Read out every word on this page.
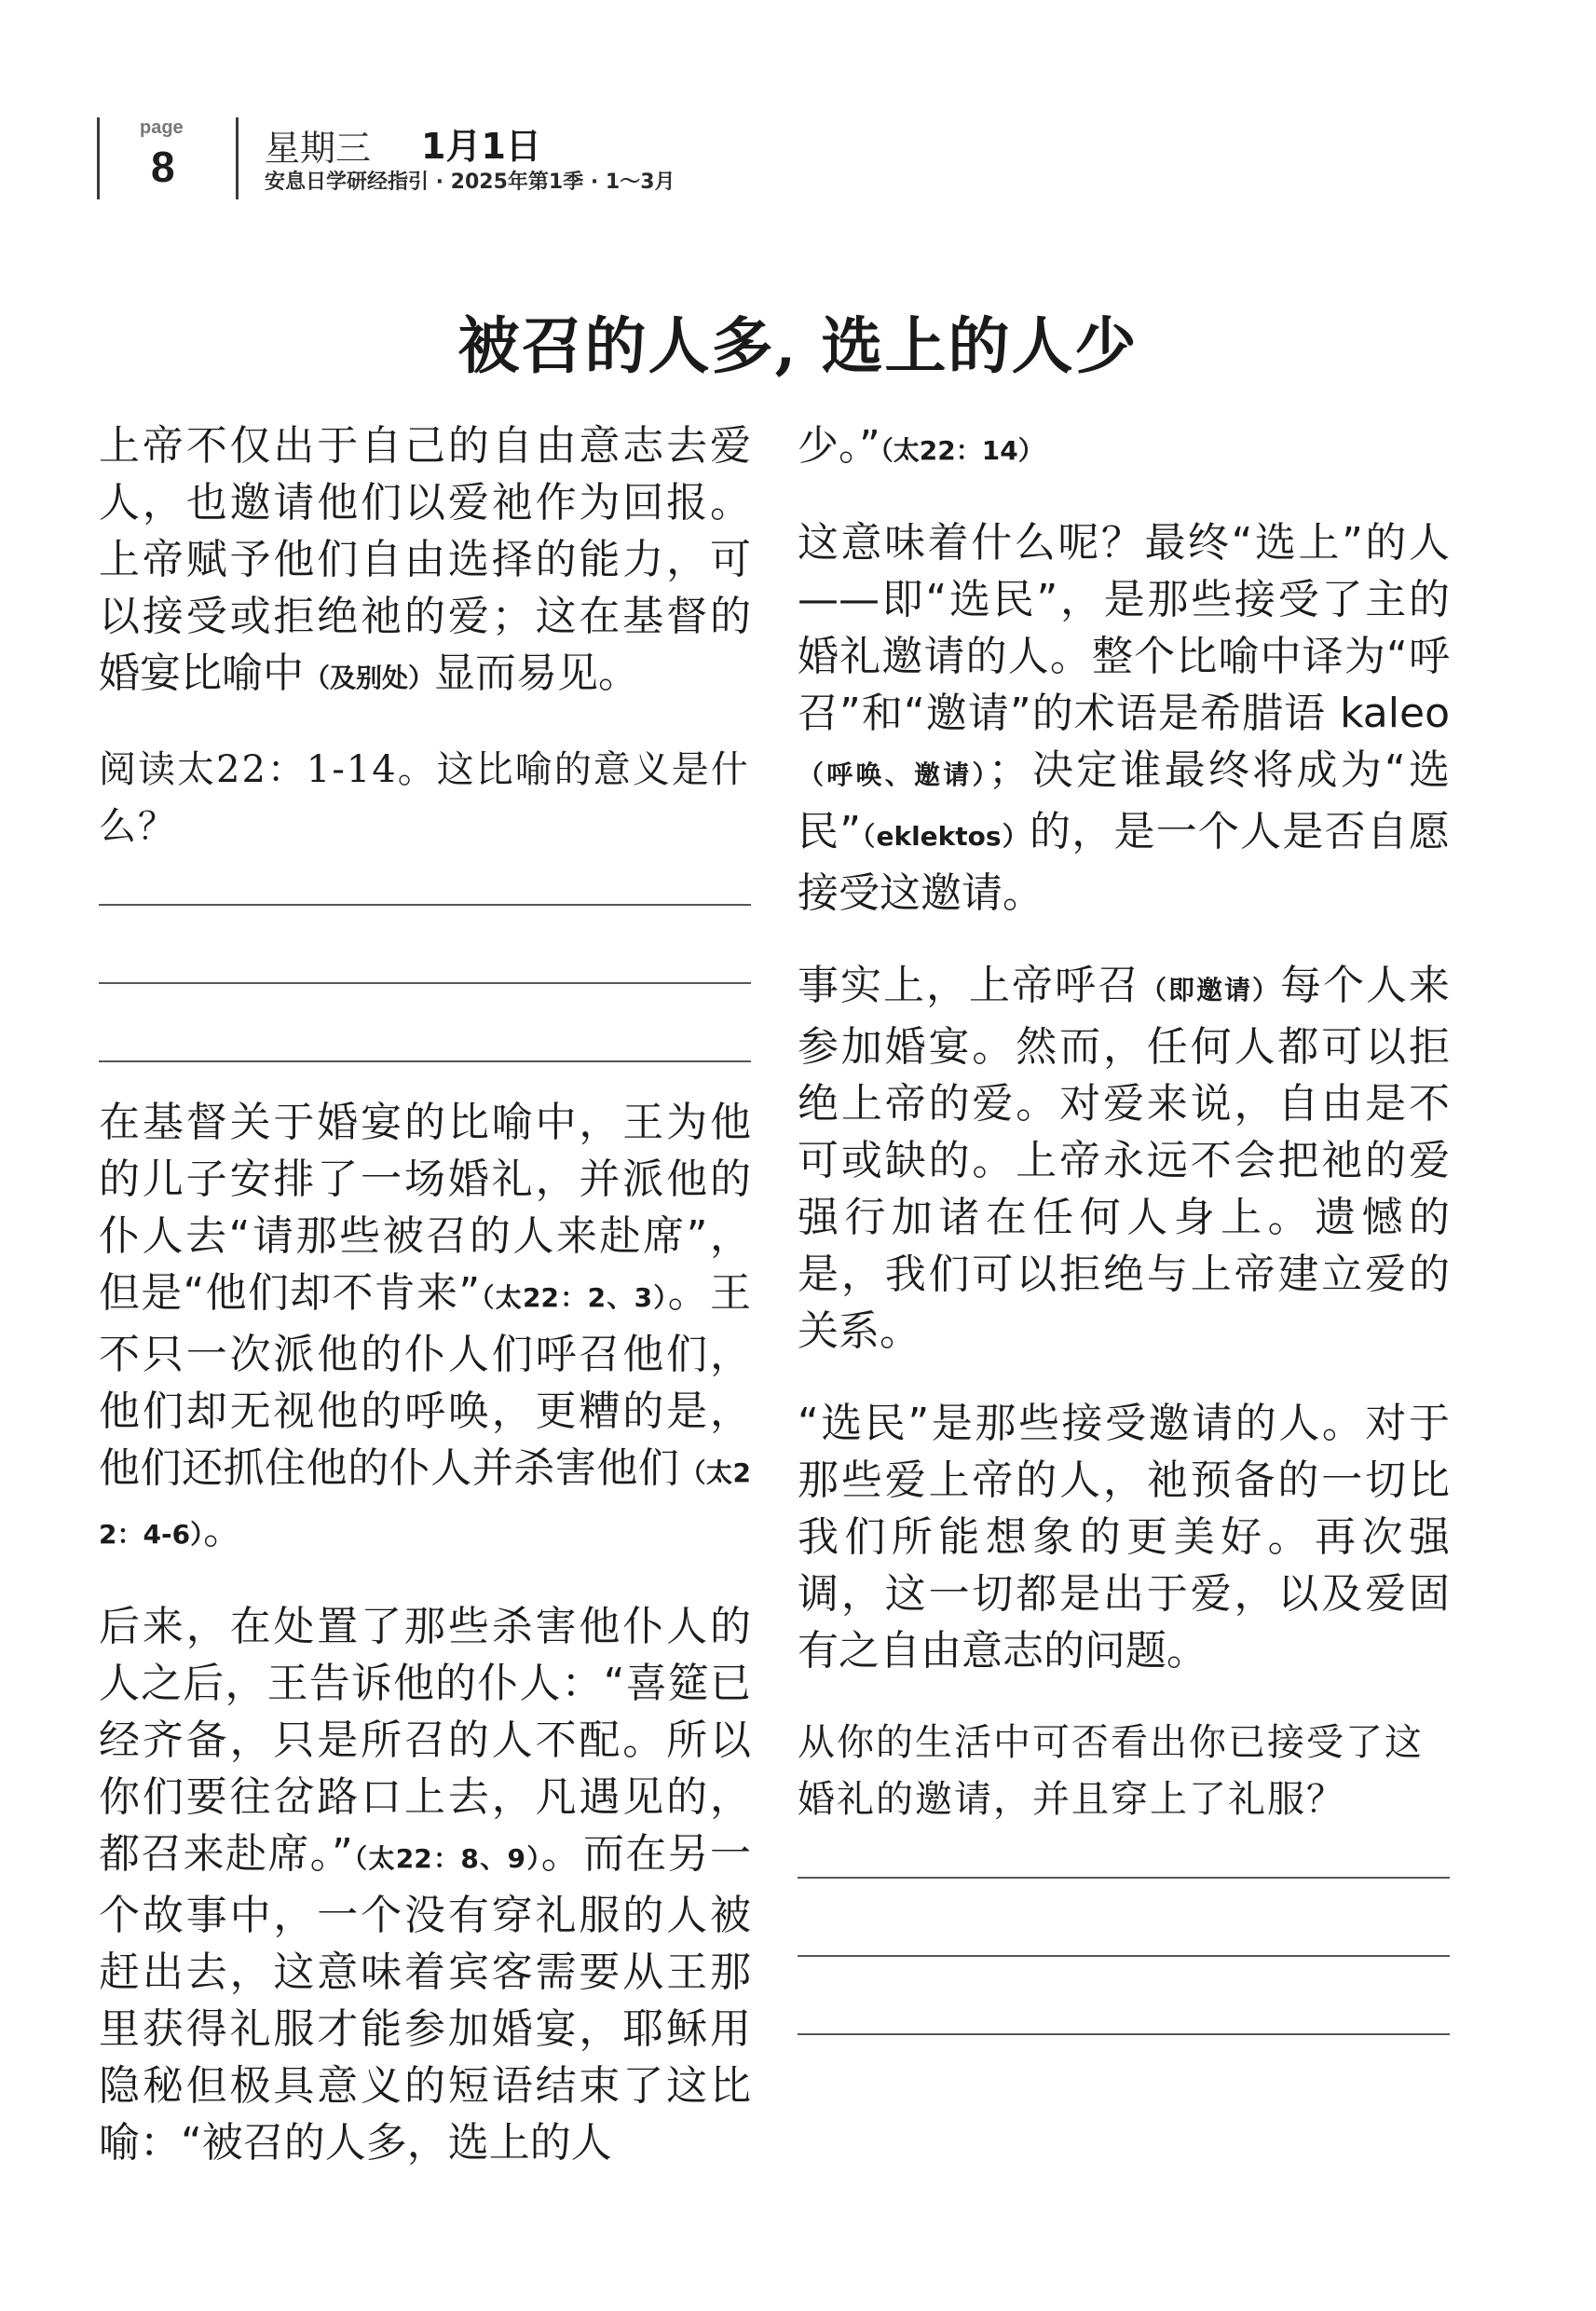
page
8	星期三 1月1日
安息日学研经指引 · 2025年第1季 · 1～3月
被召的人多, 选上的人少

上帝不仅出于自己的自由意志去爱人，也邀请他们以爱祂作为回报。上帝赋予他们自由选择的能力，可以接受或拒绝祂的爱；这在基督的婚宴比喻中（及别处）显而易见。

阅读太22：1-14。这比喻的意义是什么？

在基督关于婚宴的比喻中，王为他的儿子安排了一场婚礼，并派他的仆人去“请那些被召的人来赴席”，但是“他们却不肯来”（太22：2、3）。王不只一次派他的仆人们呼召他们，他们却无视他的呼唤，更糟的是，他们还抓住他的仆人并杀害他们（太22：4-6）。

后来，在处置了那些杀害他仆人的人之后，王告诉他的仆人：“喜筵已经齐备，只是所召的人不配。所以你们要往岔路口上去，凡遇见的，都召来赴席。”（太22：8、9）。而在另一个故事中，一个没有穿礼服的人被赶出去，这意味着宾客需要从王那里获得礼服才能参加婚宴，耶稣用隐秘但极具意义的短语结束了这比喻：“被召的人多，选上的人

少。”（太22：14）

这意味着什么呢？最终“选上”的人——即“选民”，是那些接受了主的婚礼邀请的人。整个比喻中译为“呼召”和“邀请”的术语是希腊语 kaleo（呼唤、邀请）；决定谁最终将成为“选民”（eklektos）的，是一个人是否自愿接受这邀请。

事实上，上帝呼召（即邀请）每个人来参加婚宴。然而，任何人都可以拒绝上帝的爱。对爱来说，自由是不可或缺的。上帝永远不会把祂的爱强行加诸在任何人身上。遗憾的是，我们可以拒绝与上帝建立爱的关系。

“选民”是那些接受邀请的人。对于那些爱上帝的人，祂预备的一切比我们所能想象的更美好。再次强调，这一切都是出于爱，以及爱固有之自由意志的问题。

从你的生活中可否看出你已接受了这婚礼的邀请，并且穿上了礼服？
